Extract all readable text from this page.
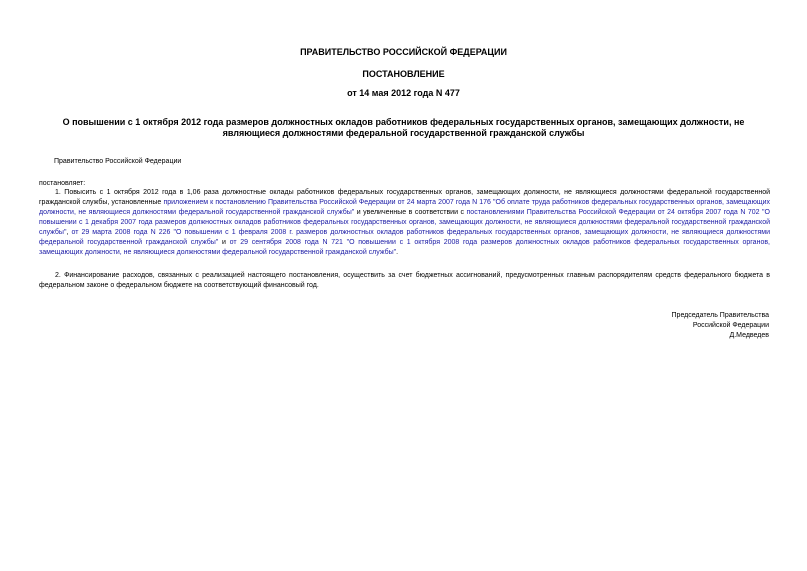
ПРАВИТЕЛЬСТВО РОССИЙСКОЙ ФЕДЕРАЦИИ
ПОСТАНОВЛЕНИЕ
от 14 мая 2012 года N 477
О повышении с 1 октября 2012 года размеров должностных окладов работников федеральных государственных органов, замещающих должности, не являющиеся должностями федеральной государственной гражданской службы
Правительство Российской Федерации
постановляет:

1. Повысить с 1 октября 2012 года в 1,06 раза должностные оклады работников федеральных государственных органов, замещающих должности, не являющиеся должностями федеральной государственной гражданской службы, установленные приложением к постановлению Правительства Российской Федерации от 24 марта 2007 года N 176 "Об оплате труда работников федеральных государственных органов, замещающих должности, не являющиеся должностями федеральной государственной гражданской службы" и увеличенные в соответствии с постановлениями Правительства Российской Федерации от 24 октября 2007 года N 702 "О повышении с 1 декабря 2007 года размеров должностных окладов работников федеральных государственных органов, замещающих должности, не являющиеся должностями федеральной государственной гражданской службы", от 29 марта 2008 года N 226 "О повышении с 1 февраля 2008 г. размеров должностных окладов работников федеральных государственных органов, замещающих должности, не являющиеся должностями федеральной государственной гражданской службы" и от 29 сентября 2008 года N 721 "О повышении с 1 октября 2008 года размеров должностных окладов работников федеральных государственных органов, замещающих должности, не являющиеся должностями федеральной государственной гражданской службы".

2. Финансирование расходов, связанных с реализацией настоящего постановления, осуществить за счет бюджетных ассигнований, предусмотренных главным распорядителям средств федерального бюджета в федеральном законе о федеральном бюджете на соответствующий финансовый год.

Председатель Правительства
Российской Федерации
Д.Медведев
